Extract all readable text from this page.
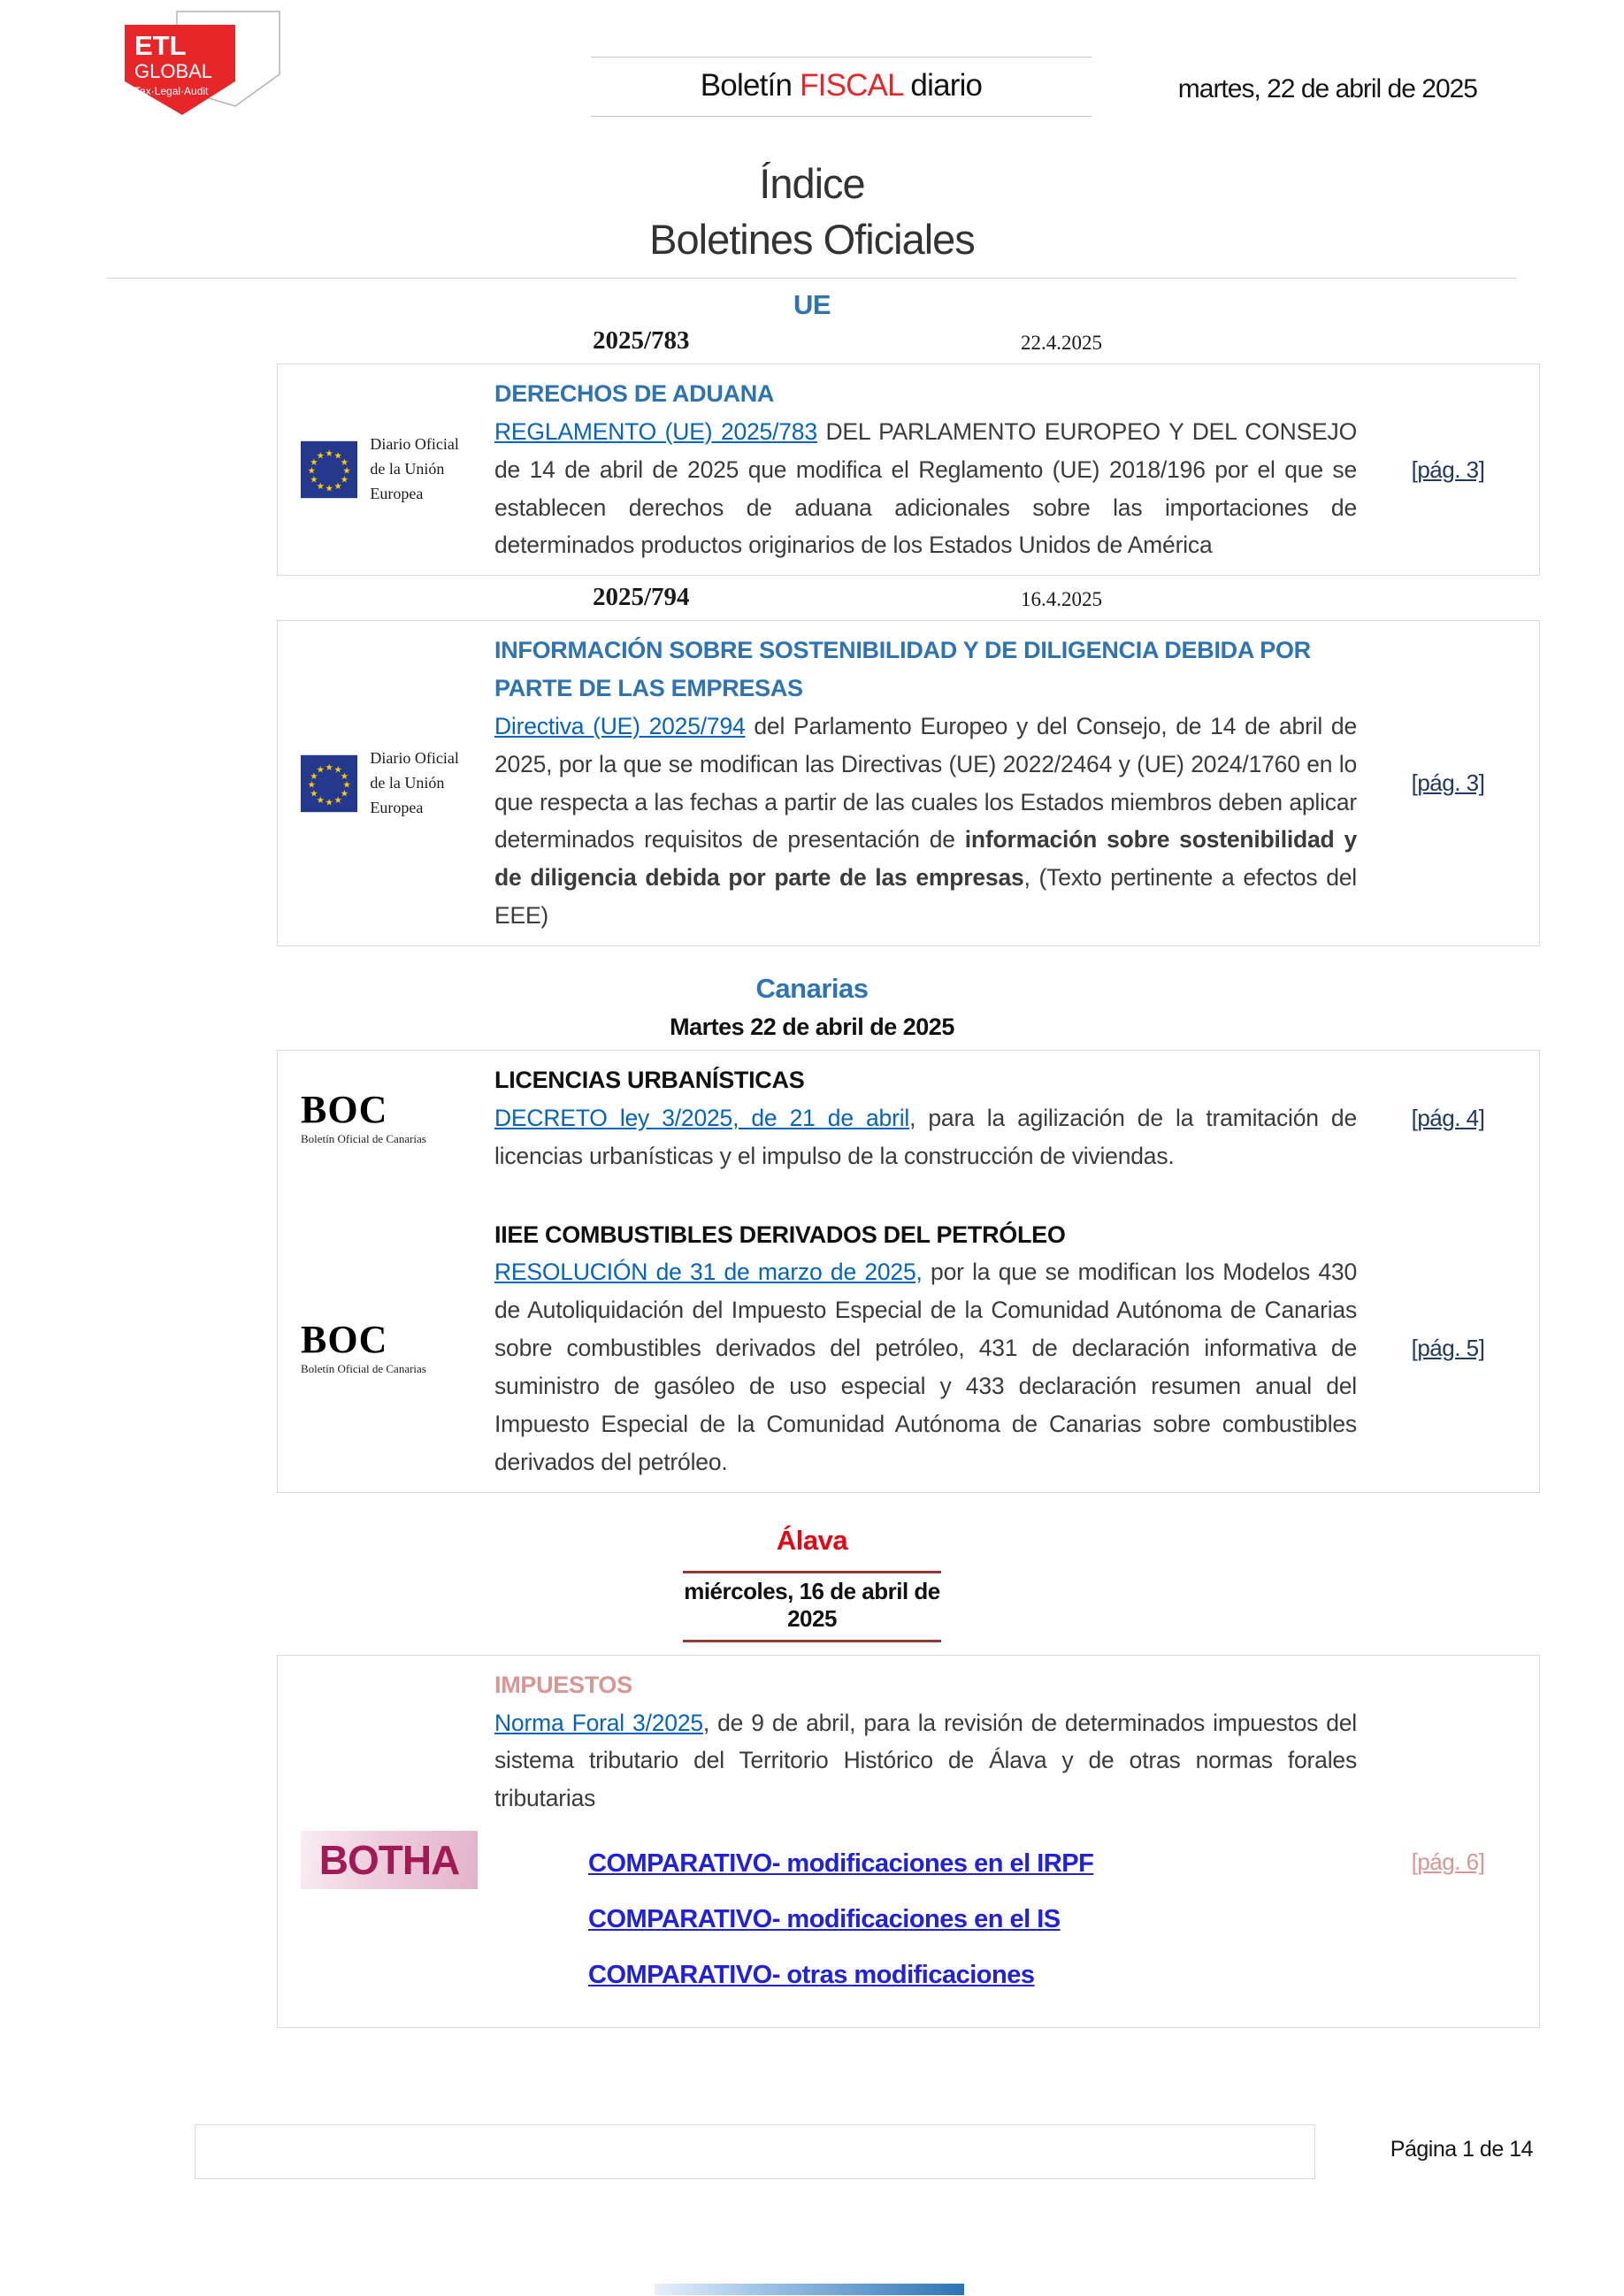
ETL
GLOBAL
Tax·Legal·Audit	Boletín FISCAL diario	martes, 22 de abril de 2025
Índice
Boletines Oficiales
UE
2025/783	22.4.2025
★ ★
★
★
★
★
★
★
★
★
★
★
Diario Oficial
de la Unión Europea
DERECHOS DE ADUANA
REGLAMENTO (UE) 2025/783 DEL PARLAMENTO EUROPEO Y DEL CONSEJO de 14 de abril de 2025 que modifica el Reglamento (UE) 2018/196 por el que se establecen derechos de aduana adicionales sobre las importaciones de determinados productos originarios de los Estados Unidos de América
[pág. 3]
2025/794	16.4.2025
★ ★
★
★
★
★
★
★
★
★
★
★
Diario Oficial
de la Unión Europea
INFORMACIÓN SOBRE SOSTENIBILIDAD Y DE DILIGENCIA DEBIDA POR PARTE DE LAS EMPRESAS
Directiva (UE) 2025/794 del Parlamento Europeo y del Consejo, de 14 de abril de 2025, por la que se modifican las Directivas (UE) 2022/2464 y (UE) 2024/1760 en lo que respecta a las fechas a partir de las cuales los Estados miembros deben aplicar determinados requisitos de presentación de información sobre sostenibilidad y de diligencia debida por parte de las empresas, (Texto pertinente a efectos del EEE)
[pág. 3]
Canarias
Martes 22 de abril de 2025
BOC
Boletín Oficial de Canarias
LICENCIAS URBANÍSTICAS
DECRETO ley 3/2025, de 21 de abril, para la agilización de la tramitación de licencias urbanísticas y el impulso de la construcción de viviendas.
[pág. 4]
BOC
Boletín Oficial de Canarias
IIEE COMBUSTIBLES DERIVADOS DEL PETRÓLEO
RESOLUCIÓN de 31 de marzo de 2025, por la que se modifican los Modelos 430 de Autoliquidación del Impuesto Especial de la Comunidad Autónoma de Canarias sobre combustibles derivados del petróleo, 431 de declaración informativa de suministro de gasóleo de uso especial y 433 declaración resumen anual del Impuesto Especial de la Comunidad Autónoma de Canarias sobre combustibles derivados del petróleo.
[pág. 5]
Álava
miércoles, 16 de abril de 2025
BOTHA
IMPUESTOS
Norma Foral 3/2025, de 9 de abril, para la revisión de determinados impuestos del sistema tributario del Territorio Histórico de Álava y de otras normas forales tributarias
COMPARATIVO- modificaciones en el IRPF
COMPARATIVO- modificaciones en el IS
COMPARATIVO- otras modificaciones
[pág. 6]
Página 1 de 14
